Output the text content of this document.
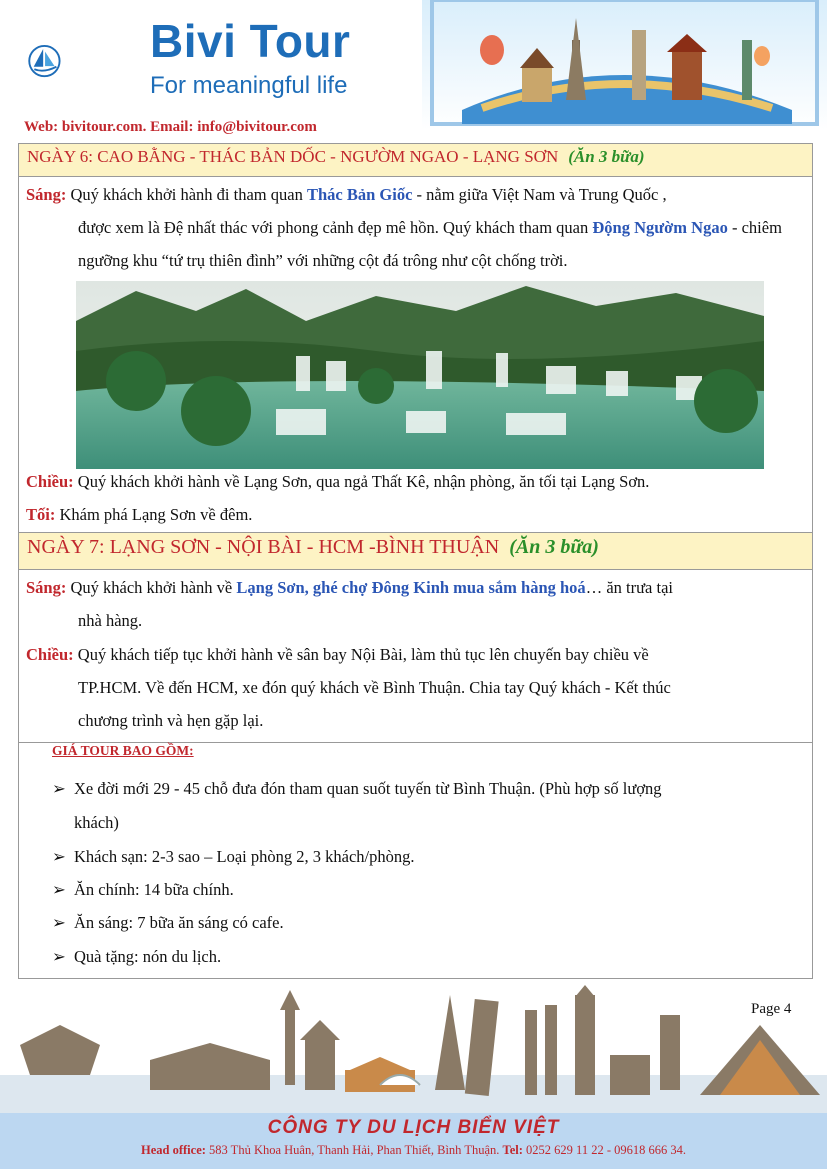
Bivi Tour
For meaningful life
Web: bivitour.com. Email: info@bivitour.com
NGÀY 6: CAO BẰNG - THÁC BẢN DỐC - NGƯỜM NGAO - LẠNG SƠN (Ăn 3 bữa)
Sáng: Quý khách khởi hành đi tham quan Thác Bản Giốc - nằm giữa Việt Nam và Trung Quốc ,
được xem là Đệ nhất thác với phong cảnh đẹp mê hồn. Quý khách tham quan Động Ngườm Ngao - chiêm ngưỡng khu “tứ trụ thiên đình” với những cột đá trông như cột chống trời.
Chiều: Quý khách khởi hành về Lạng Sơn, qua ngả Thất Kê, nhận phòng, ăn tối tại Lạng Sơn.
Tối: Khám phá Lạng Sơn về đêm.
NGÀY 7: LẠNG SƠN - NỘI BÀI - HCM -BÌNH THUẬN (Ăn 3 bữa)
Sáng: Quý khách khởi hành về Lạng Sơn, ghé chợ Đông Kinh mua sắm hàng hoá… ăn trưa tại
nhà hàng.
Chiều: Quý khách tiếp tục khởi hành về sân bay Nội Bài, làm thủ tục lên chuyến bay chiều về
TP.HCM. Về đến HCM, xe đón quý khách về Bình Thuận. Chia tay Quý khách - Kết thúc
chương trình và hẹn gặp lại.
GIÁ TOUR BAO GỒM:
➢ Xe đời mới 29 - 45 chỗ đưa đón tham quan suốt tuyến từ Bình Thuận. (Phù hợp số lượng
khách)
➢ Khách sạn: 2-3 sao – Loại phòng 2, 3 khách/phòng.
➢ Ăn chính: 14 bữa chính.
➢ Ăn sáng: 7 bữa ăn sáng có cafe.
➢ Quà tặng: nón du lịch.
Page 4
CÔNG TY DU LỊCH BIỂN VIỆT
Head office: 583 Thủ Khoa Huân, Thanh Hải, Phan Thiết, Bình Thuận. Tel: 0252 629 11 22 - 09618 666 34.
